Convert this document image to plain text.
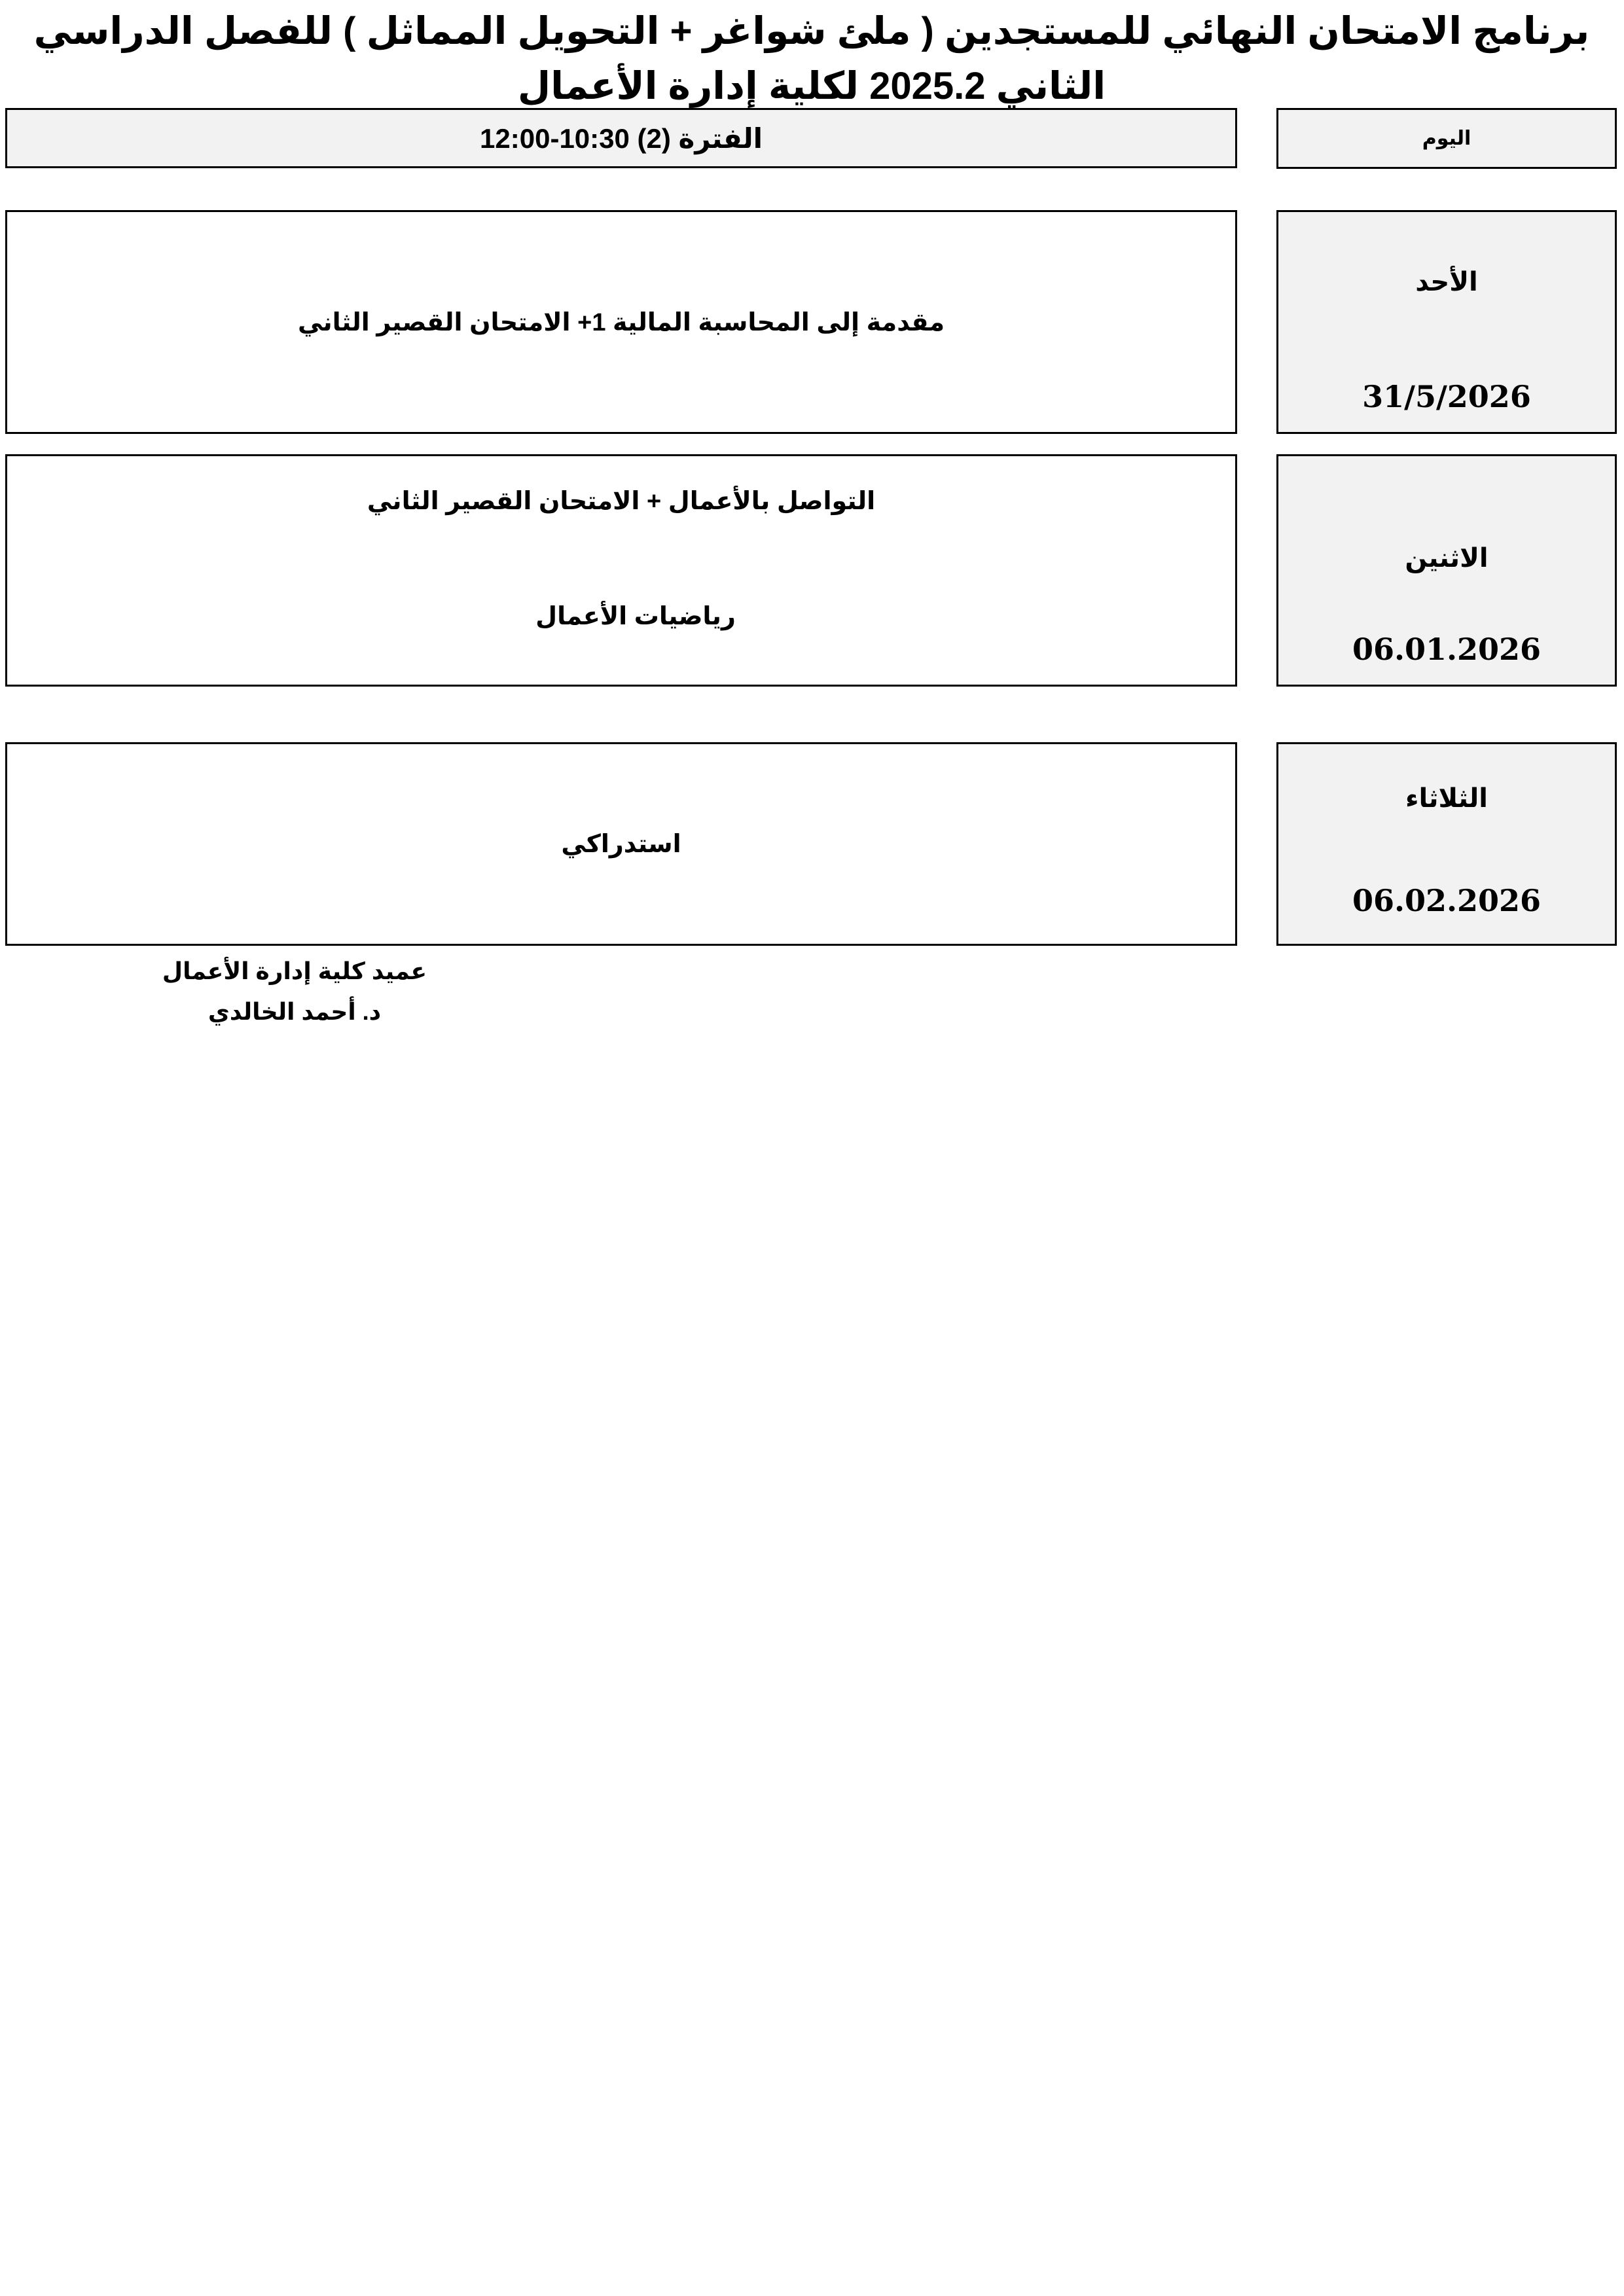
برنامج الامتحان النهائي للمستجدين ( ملئ شواغر + التحويل المماثل ) للفصل الدراسي الثاني 2025.2 لكلية إدارة الأعمال
الفترة (2) 10:30-12:00	اليوم
مقدمة إلى المحاسبة المالية 1+ الامتحان القصير الثاني
الأحد
31/5/2026
التواصل بالأعمال + الامتحان القصير الثاني
رياضيات الأعمال
الاثنين
06.01.2026
استدراكي
الثلاثاء
06.02.2026
عميد كلية إدارة الأعمال
د. أحمد الخالدي
